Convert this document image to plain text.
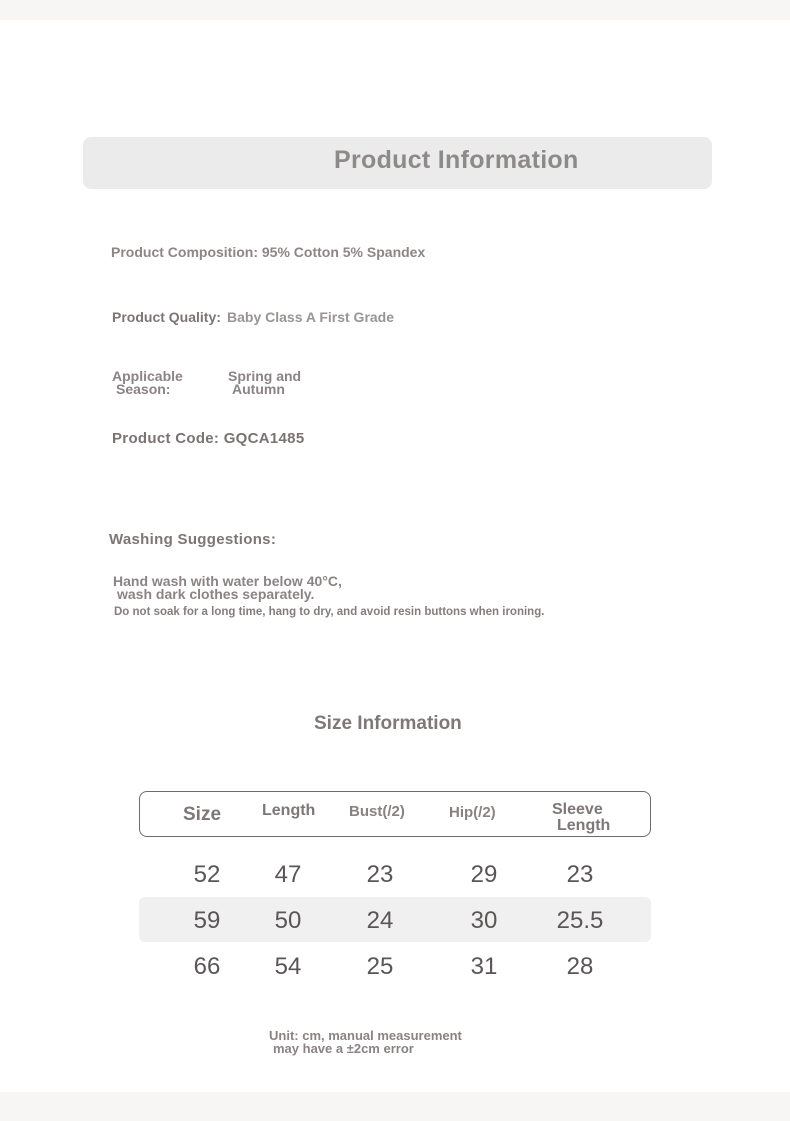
Product Information
Product Composition: 95% Cotton 5% Spandex
Product Quality: Baby Class A First Grade
Applicable
Season:
Spring and
Autumn
Product Code: GQCA1485
Washing Suggestions:
Hand wash with water below 40°C,
wash dark clothes separately.
Do not soak for a long time, hang to dry, and avoid resin buttons when ironing.
Size Information
Size	Length Bust(/2)	Hip(/2)	Sleeve
Length
52 47	23	29	23
59 50	24	30 25.5
66 54	25	31	28
Unit: cm, manual measurement
may have a ±2cm error
